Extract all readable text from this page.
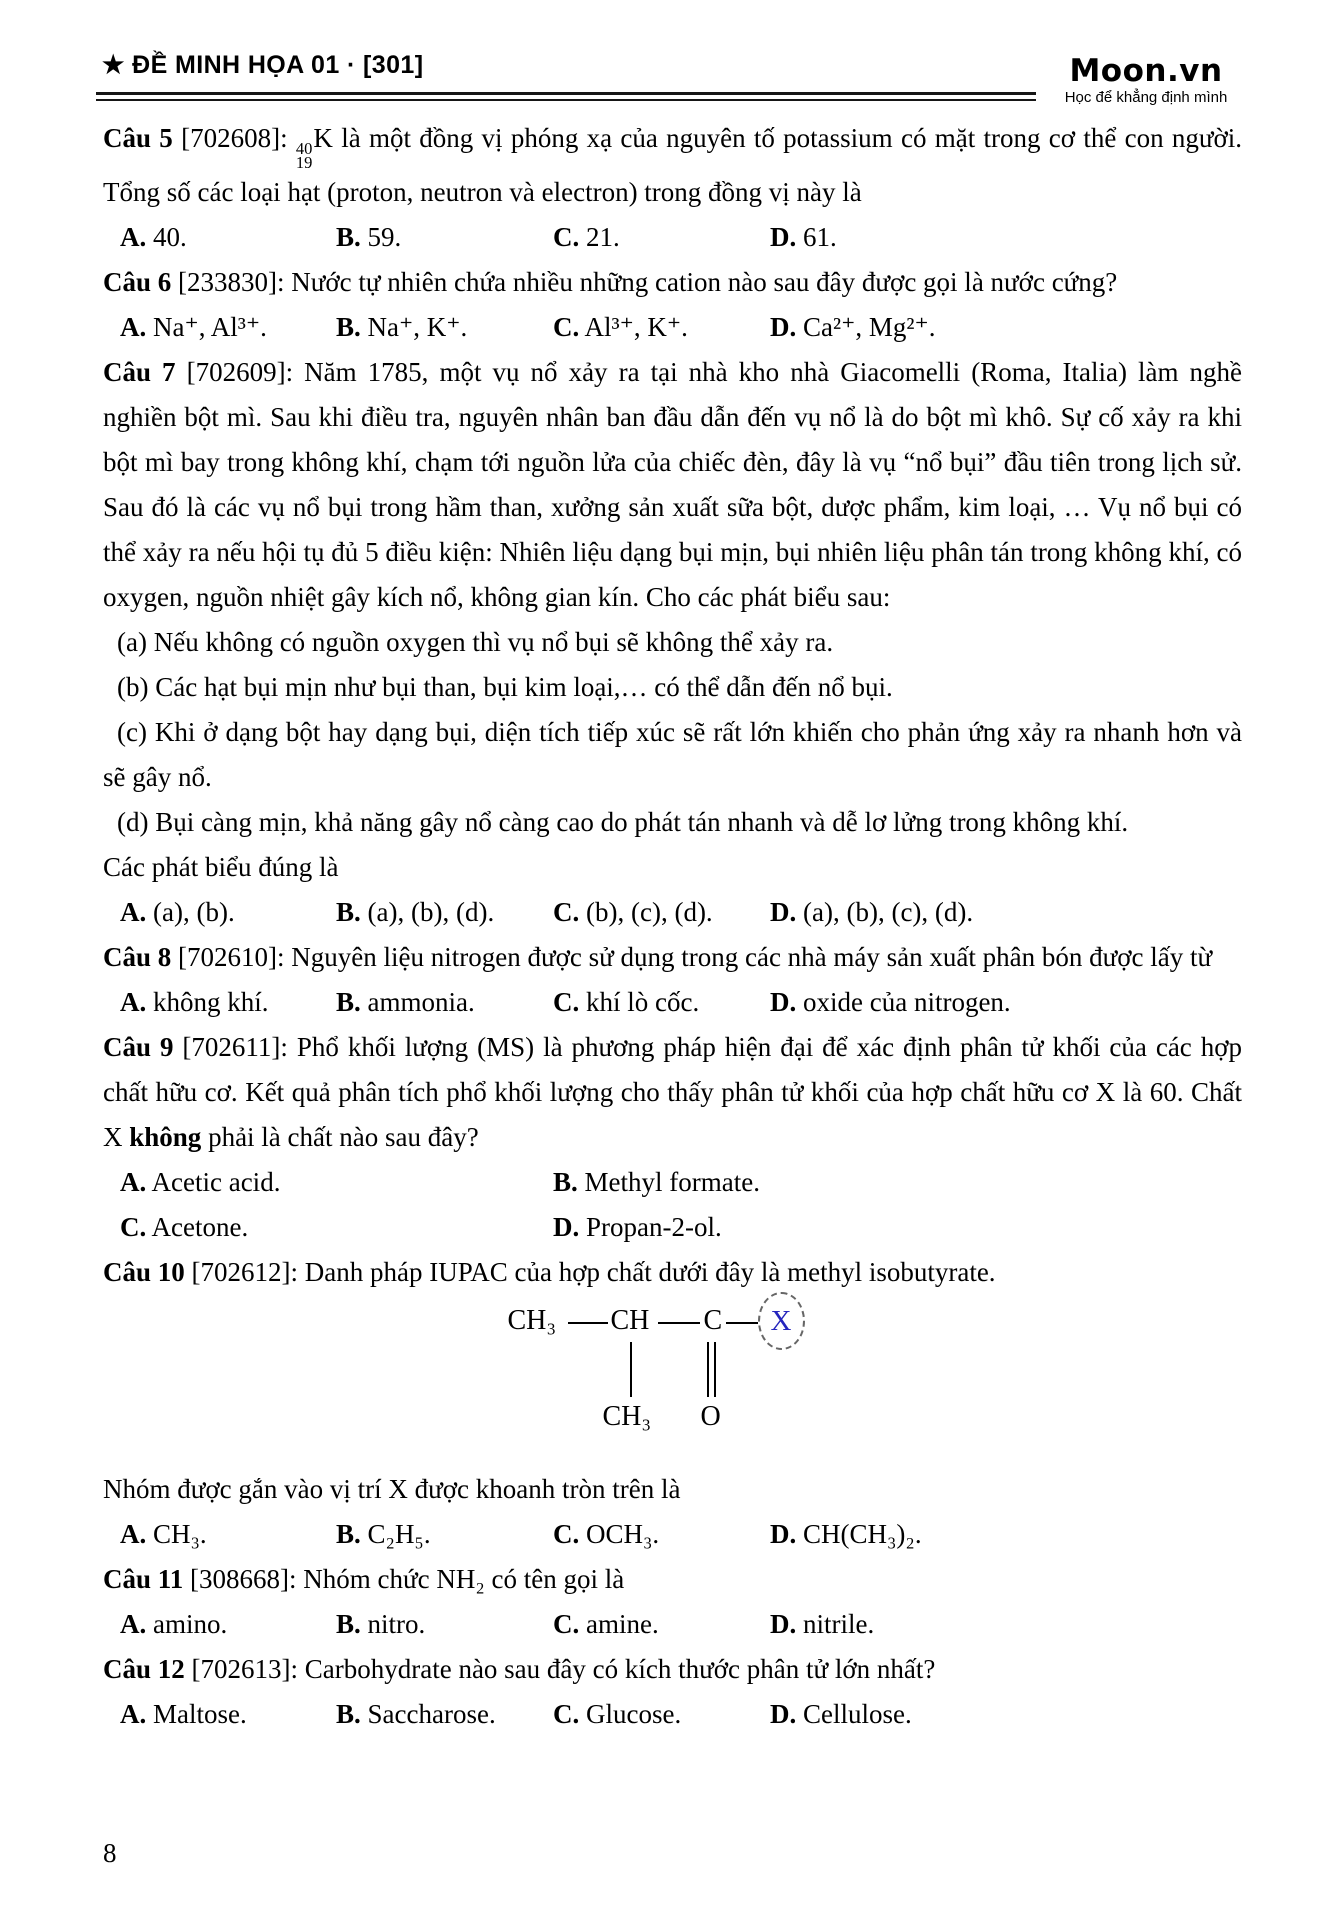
★ ĐỀ MINH HỌA 01 · [301]	Moon.vn
Học để khẳng định mình

Câu 5 [702608]: 40
19
K là một đồng vị phóng xạ của nguyên tố potassium có mặt trong cơ thể con người. Tổng số các loại hạt (proton, neutron và electron) trong đồng vị này là

A. 40.	B. 59.	C. 21.	D. 61.

Câu 6 [233830]: Nước tự nhiên chứa nhiều những cation nào sau đây được gọi là nước cứng?

A. Na⁺, Al³⁺.	B. Na⁺, K⁺.	C. Al³⁺, K⁺.	D. Ca²⁺, Mg²⁺.

Câu 7 [702609]: Năm 1785, một vụ nổ xảy ra tại nhà kho nhà Giacomelli (Roma, Italia) làm nghề nghiền bột mì. Sau khi điều tra, nguyên nhân ban đầu dẫn đến vụ nổ là do bột mì khô. Sự cố xảy ra khi bột mì bay trong không khí, chạm tới nguồn lửa của chiếc đèn, đây là vụ “nổ bụi” đầu tiên trong lịch sử. Sau đó là các vụ nổ bụi trong hầm than, xưởng sản xuất sữa bột, dược phẩm, kim loại, … Vụ nổ bụi có thể xảy ra nếu hội tụ đủ 5 điều kiện: Nhiên liệu dạng bụi mịn, bụi nhiên liệu phân tán trong không khí, có oxygen, nguồn nhiệt gây kích nổ, không gian kín. Cho các phát biểu sau:

(a) Nếu không có nguồn oxygen thì vụ nổ bụi sẽ không thể xảy ra.

(b) Các hạt bụi mịn như bụi than, bụi kim loại,… có thể dẫn đến nổ bụi.

(c) Khi ở dạng bột hay dạng bụi, diện tích tiếp xúc sẽ rất lớn khiến cho phản ứng xảy ra nhanh hơn và sẽ gây nổ.

(d) Bụi càng mịn, khả năng gây nổ càng cao do phát tán nhanh và dễ lơ lửng trong không khí.

Các phát biểu đúng là

A. (a), (b).	B. (a), (b), (d).	C. (b), (c), (d).	D. (a), (b), (c), (d).

Câu 8 [702610]: Nguyên liệu nitrogen được sử dụng trong các nhà máy sản xuất phân bón được lấy từ

A. không khí.	B. ammonia.	C. khí lò cốc.	D. oxide của nitrogen.

Câu 9 [702611]: Phổ khối lượng (MS) là phương pháp hiện đại để xác định phân tử khối của các hợp chất hữu cơ. Kết quả phân tích phổ khối lượng cho thấy phân tử khối của hợp chất hữu cơ X là 60. Chất X không phải là chất nào sau đây?

A. Acetic acid.	B. Methyl formate.
C. Acetone.	D. Propan-2-ol.

Câu 10 [702612]: Danh pháp IUPAC của hợp chất dưới đây là methyl isobutyrate.

CH₃ CH C X
CH₃ O

Nhóm được gắn vào vị trí X được khoanh tròn trên là

A. CH₃.	B. C₂H₅.	C. OCH₃.	D. CH(CH₃)₂.

Câu 11 [308668]: Nhóm chức NH₂ có tên gọi là

A. amino.	B. nitro.	C. amine.	D. nitrile.

Câu 12 [702613]: Carbohydrate nào sau đây có kích thước phân tử lớn nhất?

A. Maltose.	B. Saccharose.	C. Glucose.	D. Cellulose.
8
